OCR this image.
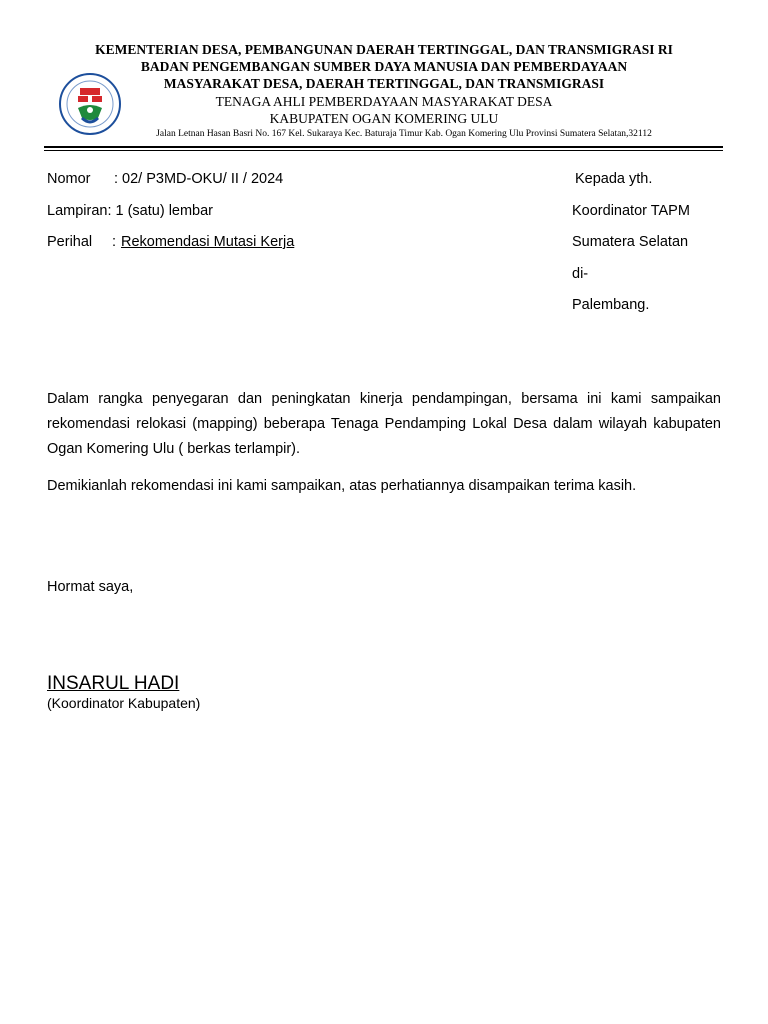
KEMENTERIAN DESA, PEMBANGUNAN DAERAH TERTINGGAL, DAN TRANSMIGRASI RI
BADAN PENGEMBANGAN SUMBER DAYA MANUSIA DAN PEMBERDAYAAN
MASYARAKAT DESA, DAERAH TERTINGGAL, DAN TRANSMIGRASI
TENAGA AHLI PEMBERDAYAAN MASYARAKAT DESA
KABUPATEN OGAN KOMERING ULU
Jalan Letnan Hasan Basri No. 167 Kel. Sukaraya Kec. Baturaja Timur Kab. Ogan Komering Ulu Provinsi Sumatera Selatan,32112
Nomor : 02/ P3MD-OKU/ II / 2024
Lampiran: 1 (satu) lembar
Perihal : Rekomendasi Mutasi Kerja
Kepada yth.
Koordinator TAPM
Sumatera Selatan
di-
Palembang.
Dalam rangka penyegaran dan peningkatan kinerja pendampingan, bersama ini kami sampaikan rekomendasi relokasi (mapping) beberapa Tenaga Pendamping Lokal Desa dalam wilayah kabupaten Ogan Komering Ulu ( berkas terlampir).
Demikianlah rekomendasi ini kami sampaikan, atas perhatiannya disampaikan terima kasih.
Hormat saya,
INSARUL HADI
(Koordinator Kabupaten)
